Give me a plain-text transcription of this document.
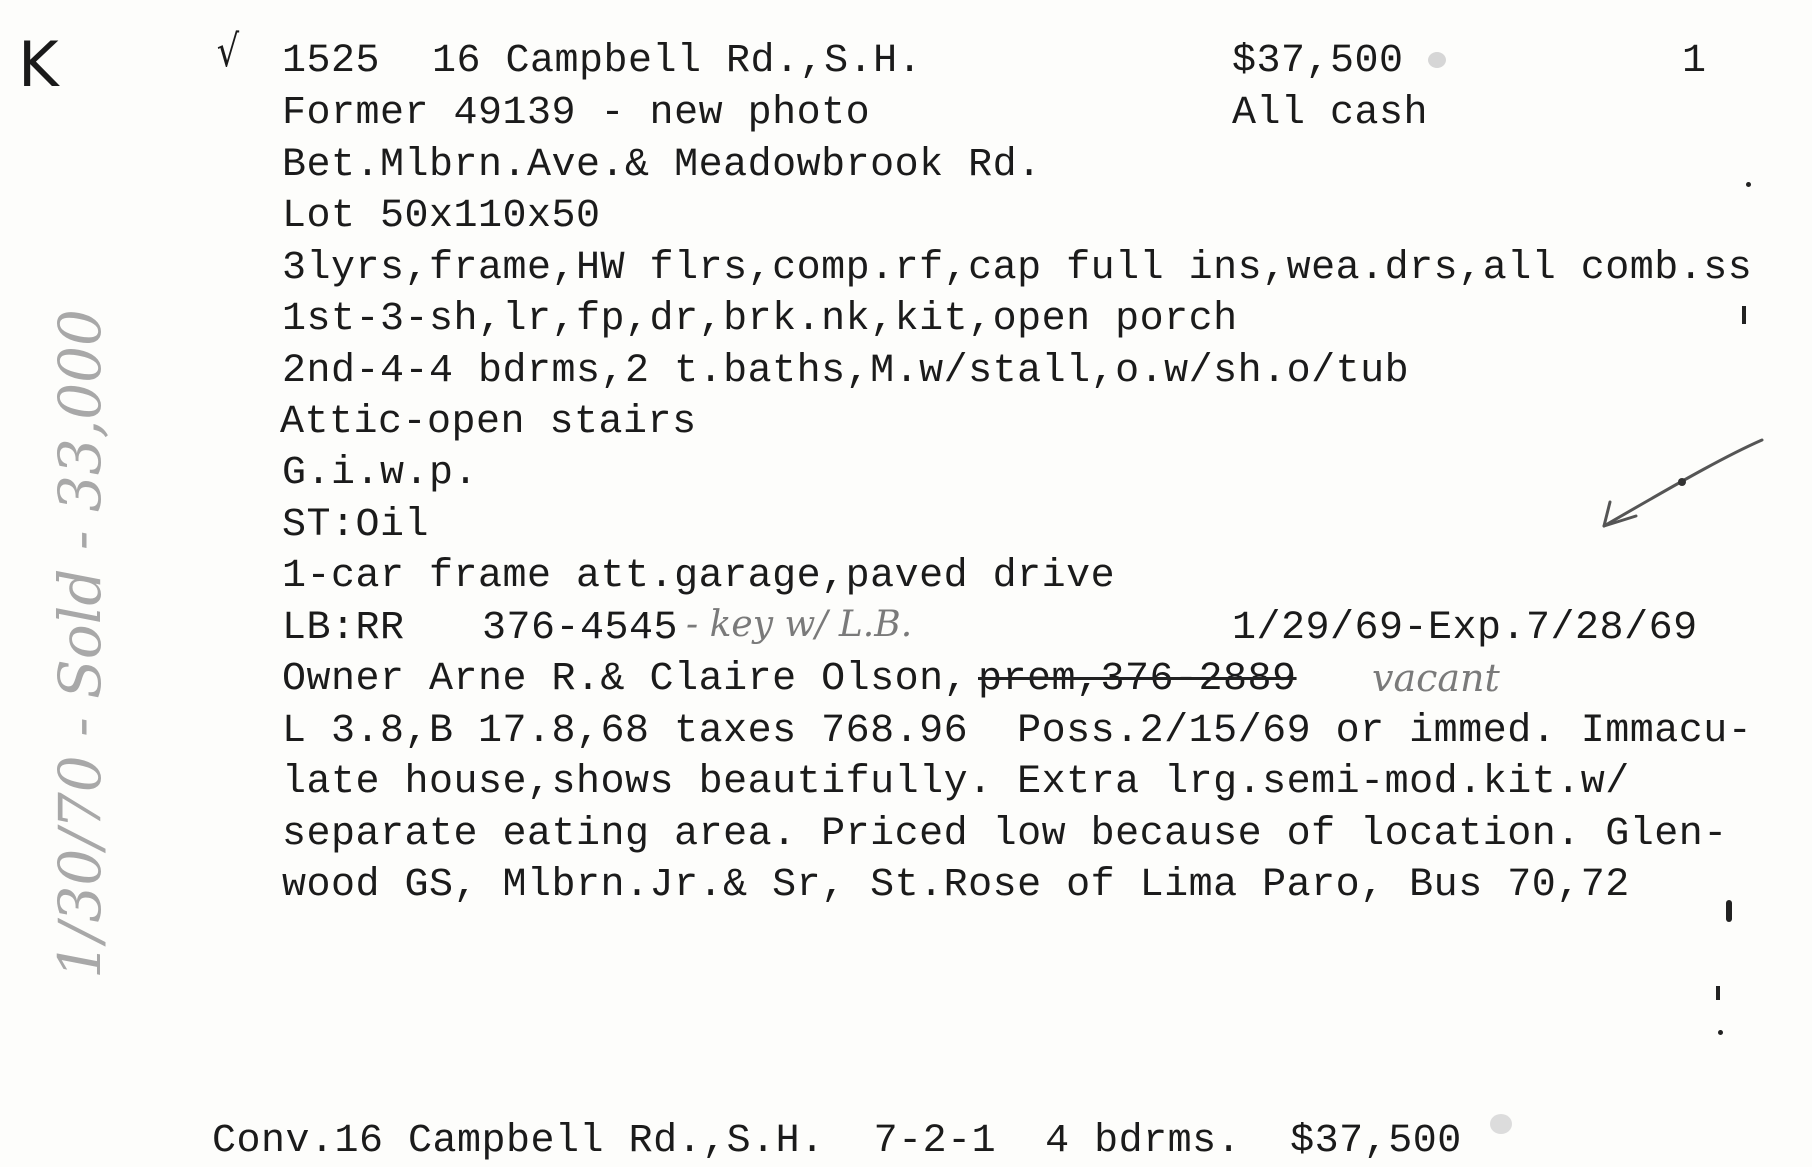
K	√ 1525 16 Campbell Rd.,S.H.	$37,500	1
Former 49139 - new photo	All cash
Bet.Mlbrn.Ave.& Meadowbrook Rd.
Lot 50x110x50
3lyrs,frame,HW flrs,comp.rf,cap full ins,wea.drs,all comb.ss
1st-3-sh,lr,fp,dr,brk.nk,kit,open porch
2nd-4-4 bdrms,2 t.baths,M.w/stall,o.w/sh.o/tub
Attic-open stairs
G.i.w.p.
ST:Oil
1-car frame att.garage,paved drive
LB:RR 376-4545 - key w/ L.B.	1/29/69-Exp.7/28/69
Owner Arne R.& Claire Olson, prem,376-2889 vacant
L 3.8,B 17.8,68 taxes 768.96  Poss.2/15/69 or immed. Immacu-
late house,shows beautifully. Extra lrg.semi-mod.kit.w/
separate eating area. Priced low because of location. Glen-
wood GS, Mlbrn.Jr.& Sr, St.Rose of Lima Paro, Bus 70,72
Conv.16 Campbell Rd.,S.H.  7-2-1  4 bdrms.  $37,500
1/30/70 - Sold - 33,000
